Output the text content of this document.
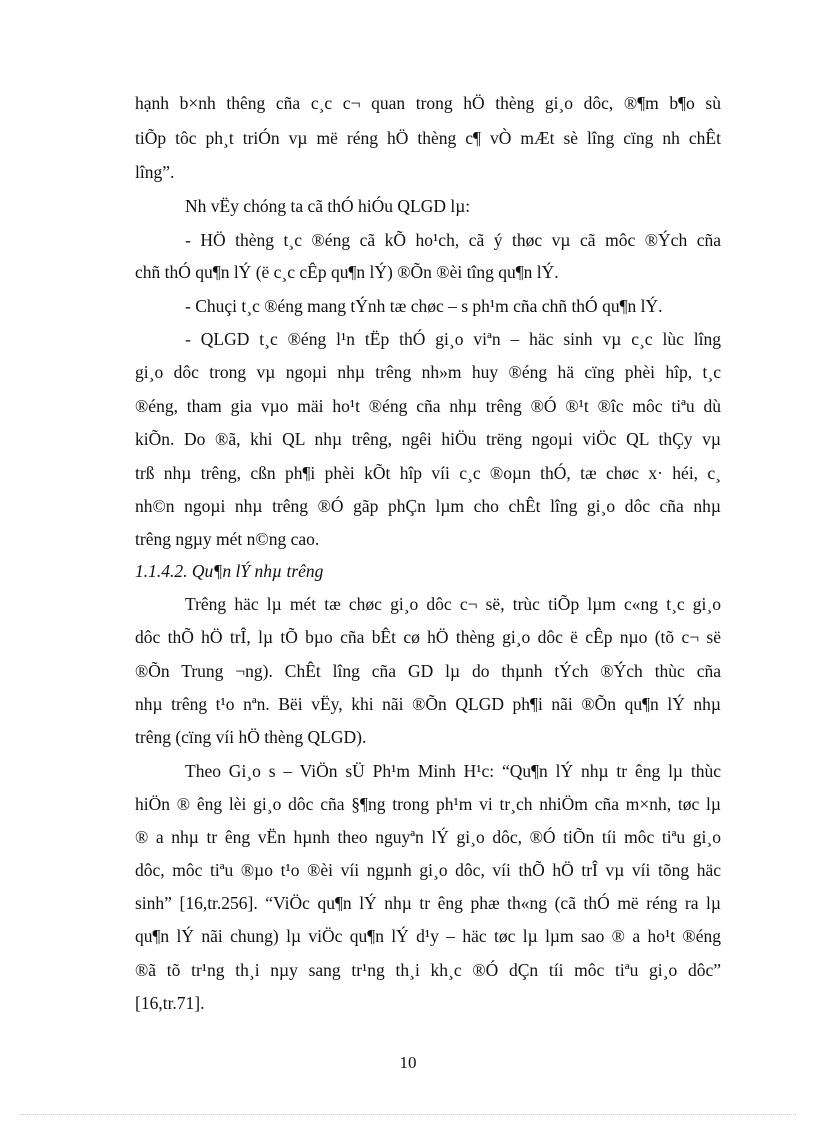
hạnh b×nh thêng cña c¸c c¬ quan trong hÖ thèng gi¸o dôc, ®¶m b¶o sù
tiÕp tôc ph¸t triÓn vµ më réng hÖ thèng c¶ vÒ mÆt sè lîng cïng nh chÊt
lîng”.
Nh vËy chóng ta cã thÓ hiÓu QLGD lµ:
- HÖ thèng t¸c ®éng cã kÕ ho¹ch, cã ý thøc vµ cã môc ®Ých cña
chñ thÓ qu¶n lÝ (ë c¸c cÊp qu¶n lÝ) ®Õn ®èi tîng qu¶n lÝ.
- Chuçi t¸c ®éng mang tÝnh tæ chøc – s ph¹m cña chñ thÓ qu¶n lÝ.
- QLGD t¸c ®éng l¹n tËp thÓ gi¸o viªn – häc sinh vµ c¸c lùc lîng
gi¸o dôc trong vµ ngoµi nhµ trêng nh»m huy ®éng hä cïng phèi hîp, t¸c
®éng, tham gia vµo mäi ho¹t ®éng cña nhµ trêng ®Ó ®¹t ®îc môc tiªu dù
kiÕn. Do ®ã, khi QL nhµ trêng, ngêi hiÖu trëng ngoµi viÖc QL thÇy vµ
trß nhµ trêng, cßn ph¶i phèi kÕt hîp víi c¸c ®oµn thÓ, tæ chøc x· héi, c¸
nh©n ngoµi nhµ trêng ®Ó gãp phÇn lµm cho chÊt lîng gi¸o dôc cña nhµ
trêng ngµy mét n©ng cao.
1.1.4.2. Qu¶n lÝ nhµ trêng
Trêng häc lµ mét tæ chøc gi¸o dôc c¬ së, trùc tiÕp lµm c«ng t¸c gi¸o
dôc thÕ hÖ trÎ, lµ tÕ bµo cña bÊt cø hÖ thèng gi¸o dôc ë cÊp nµo (tõ c¬ së
®Õn Trung ¬ng). ChÊt lîng cña GD lµ do thµnh tÝch ®Ých thùc cña
nhµ trêng t¹o nªn. Bëi vËy, khi nãi ®Õn QLGD ph¶i nãi ®Õn qu¶n lÝ nhµ
trêng (cïng víi hÖ thèng QLGD).
Theo Gi¸o s – ViÖn sÜ Ph¹m Minh H¹c: “Qu¶n lÝ nhµ tr êng lµ thùc
hiÖn ® êng lèi gi¸o dôc cña §¶ng trong ph¹m vi tr¸ch nhiÖm cña m×nh, tøc lµ
® a nhµ tr êng vËn hµnh theo nguyªn lÝ gi¸o dôc, ®Ó tiÕn tíi môc tiªu gi¸o
dôc, môc tiªu ®µo t¹o ®èi víi ngµnh gi¸o dôc, víi thÕ hÖ trÎ vµ víi tõng häc
sinh” [16,tr.256]. “ViÖc qu¶n lÝ nhµ tr êng phæ th«ng (cã thÓ më réng ra lµ
qu¶n lÝ nãi chung) lµ viÖc qu¶n lÝ d¹y – häc tøc lµ lµm sao ® a ho¹t ®éng
®ã tõ tr¹ng th¸i nµy sang tr¹ng th¸i kh¸c ®Ó dÇn tíi môc tiªu gi¸o dôc”
[16,tr.71].
10
